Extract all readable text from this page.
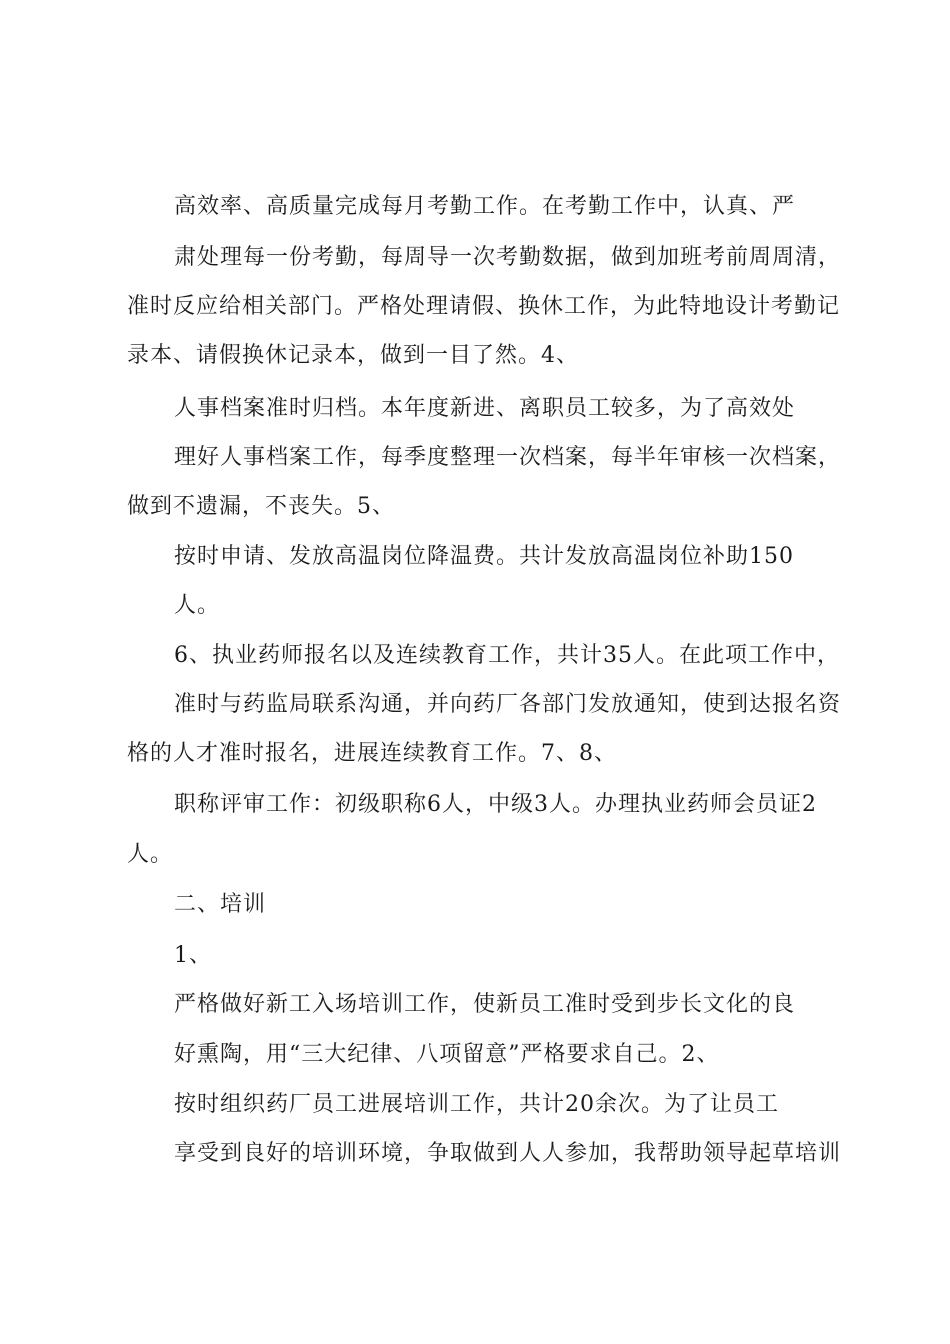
高效率、高质量完成每月考勤工作。在考勤工作中，认真、严
肃处理每一份考勤，每周导一次考勤数据，做到加班考前周周清，
准时反应给相关部门。严格处理请假、换休工作，为此特地设计考勤记
录本、请假换休记录本，做到一目了然。4、
人事档案准时归档。本年度新进、离职员工较多，为了高效处
理好人事档案工作，每季度整理一次档案，每半年审核一次档案，
做到不遗漏，不丧失。5、
按时申请、发放高温岗位降温费。共计发放高温岗位补助150
人。
6、执业药师报名以及连续教育工作，共计35人。在此项工作中，
准时与药监局联系沟通，并向药厂各部门发放通知，使到达报名资
格的人才准时报名，进展连续教育工作。7、8、
职称评审工作：初级职称6人，中级3人。办理执业药师会员证2
人。
二、培训
1、
严格做好新工入场培训工作，使新员工准时受到步长文化的良
好熏陶，用“三大纪律、八项留意”严格要求自己。2、
按时组织药厂员工进展培训工作，共计20余次。为了让员工
享受到良好的培训环境，争取做到人人参加，我帮助领导起草培训
